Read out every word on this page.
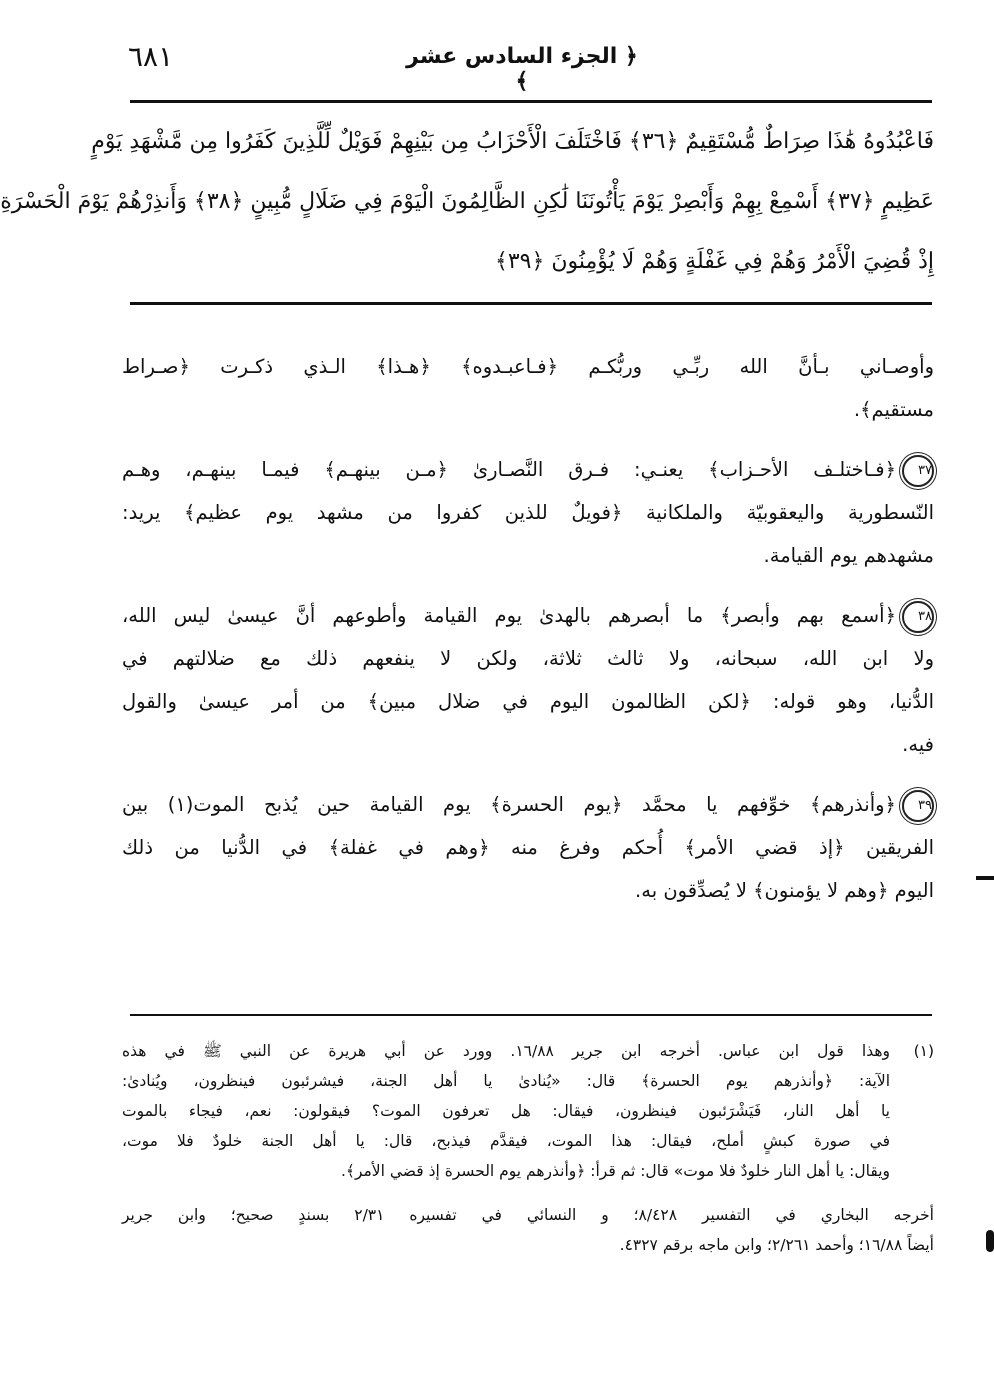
٦٨١	﴿ الجزء السادس عشر ﴾
فَاعْبُدُوهُ هَٰذَا صِرَاطٌ مُّسْتَقِيمٌ ﴿٣٦﴾ فَاخْتَلَفَ الْأَحْزَابُ مِن بَيْنِهِمْ فَوَيْلٌ لِّلَّذِينَ كَفَرُوا مِن مَّشْهَدِ يَوْمٍ
عَظِيمٍ ﴿٣٧﴾ أَسْمِعْ بِهِمْ وَأَبْصِرْ يَوْمَ يَأْتُونَنَا لَٰكِنِ الظَّالِمُونَ الْيَوْمَ فِي ضَلَالٍ مُّبِينٍ ﴿٣٨﴾ وَأَنذِرْهُمْ يَوْمَ الْحَسْرَةِ
إِذْ قُضِيَ الْأَمْرُ وَهُمْ فِي غَفْلَةٍ وَهُمْ لَا يُؤْمِنُونَ ﴿٣٩﴾
وأوصـاني بـأنَّ الله ربِّـي وربُّكـم ﴿فـاعبـدوه﴾ ﴿هـذا﴾ الـذي ذكـرت ﴿صـراط
مستقيم﴾.
٣٧﴿فـاختلـف الأحـزاب﴾ يعنـي: فـرق النَّصـارىٰ ﴿مـن بينهـم﴾ فيمـا بينهـم، وهـم
النّسطورية واليعقوبيّة والملكانية ﴿فويلٌ للذين كفروا من مشهد يوم عظيم﴾ يريد:
مشهدهم يوم القيامة.
٣٨﴿أسمع بهم وأبصر﴾ ما أبصرهم بالهدىٰ يوم القيامة وأطوعهم أنَّ عيسىٰ ليس الله،
ولا ابن الله، سبحانه، ولا ثالث ثلاثة، ولكن لا ينفعهم ذلك مع ضلالتهم في
الدُّنيا، وهو قوله: ﴿لكن الظالمون اليوم في ضلال مبين﴾ من أمر عيسىٰ والقول
فيه.
٣٩﴿وأنذرهم﴾ خوِّفهم يا محمَّد ﴿يوم الحسرة﴾ يوم القيامة حين يُذبح الموت(١) بين
الفريقين ﴿إذ قضي الأمر﴾ أُحكم وفرغ منه ﴿وهم في غفلة﴾ في الدُّنيا من ذلك
اليوم ﴿وهم لا يؤمنون﴾ لا يُصدِّقون به.
(١)وهذا قول ابن عباس. أخرجه ابن جرير ١٦/٨٨. وورد عن أبي هريرة عن النبي ﷺ في هذه
الآية: ﴿وأنذرهم يوم الحسرة﴾ قال: «يُنادىٰ يا أهل الجنة، فيشرئبون فينظرون، ويُنادىٰ:
يا أهل النار، فَيَشْرَئبون فينظرون، فيقال: هل تعرفون الموت؟ فيقولون: نعم، فيجاء بالموت
في صورة كبشٍ أملح، فيقال: هذا الموت، فيقدَّم فيذبح، قال: يا أهل الجنة خلودٌ فلا موت،
ويقال: يا أهل النار خلودٌ فلا موت» قال: ثم قرأ: ﴿وأنذرهم يوم الحسرة إذ قضي الأمر﴾.
أخرجه البخاري في التفسير ٨/٤٢٨؛ و النسائي في تفسيره ٢/٣١ بسندٍ صحيح؛ وابن جرير
أيضاً ١٦/٨٨؛ وأحمد ٢/٢٦١؛ وابن ماجه برقم ٤٣٢٧.
